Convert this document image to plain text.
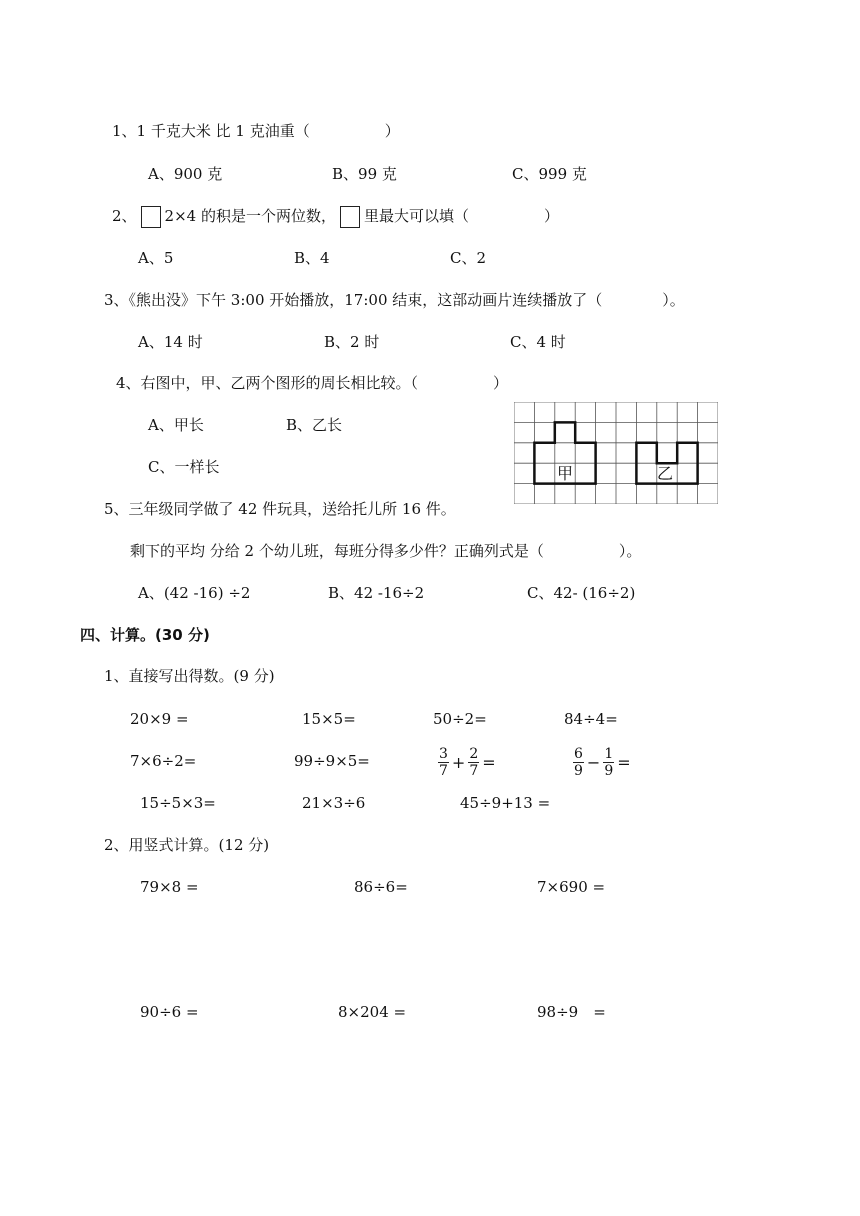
1、1 千克大米 比 1 克油重（　　　　　）
A、900 克	B、99 克	C、999 克
2、 2×4 的积是一个两位数， 里最大可以填（　　　　　）
A、5	B、4	C、2
3、《熊出没》下午 3:00 开始播放，17:00 结束，这部动画片连续播放了（　　　　）。
A、14 时	B、2 时	C、4 时
4、右图中，甲、乙两个图形的周长相比较。（　　　　　）
A、甲长	B、乙长
C、一样长	甲	乙
5、三年级同学做了 42 件玩具，送给托儿所 16 件。
剩下的平均 分给 2 个幼儿班，每班分得多少件？正确列式是（　　　　　）。
A、(42 -16) ÷2	B、42 -16÷2	C、42- (16÷2)
四、计算。(30 分)
1、直接写出得数。(9 分)
20×9 =	15×5=	50÷2=	84÷4=
7×6÷2=	99÷9×5=	$\frac{3}{7} + \frac{2}{7}$ =	$\frac{6}{9} - \frac{1}{9}$ =
15÷5×3=	21×3÷6	45÷9+13 =
2、用竖式计算。(12 分)
79×8 =	86÷6=	7×690 =
90÷6 =	8×204 =	98÷9　=
